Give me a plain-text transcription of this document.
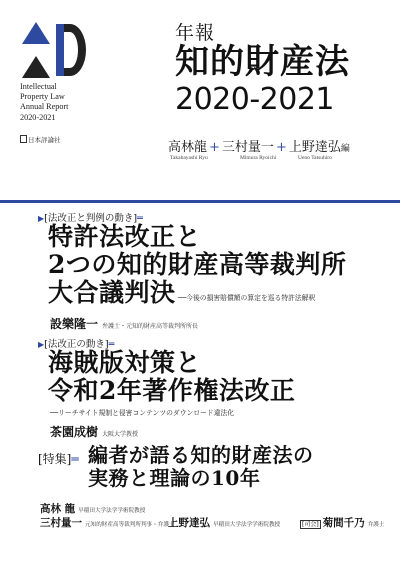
Intellectual
Property Law
Annual Report
2020-2021
日本評論社
年報
知的財産法
2020-2021
高林龍 + 三村量一 + 上野達弘編
Takabayashi Ryu	Mimura Ryoichi	Ueno Tatsuhiro
▶[法改正と判例の動き]═
特許法改正と
2つの知的財産高等裁判所
大合議判決 ──今後の損害賠償額の算定を巡る特許法解釈
設樂隆一 弁護士・元知的財産高等裁判所所長
▶[法改正の動き]═
海賊版対策と
令和2年著作権法改正
──リーチサイト規制と侵害コンテンツのダウンロード違法化
茶園成樹 大阪大学教授
[特集]═ 編者が語る知的財産法の
実務と理論の10年
高林 龍 早稲田大学法学学術院教授
三村量一 元知的財産高等裁判所判事・弁護士
上野達弘 早稲田大学法学学術院教授	[司会] 菊間千乃 弁護士
